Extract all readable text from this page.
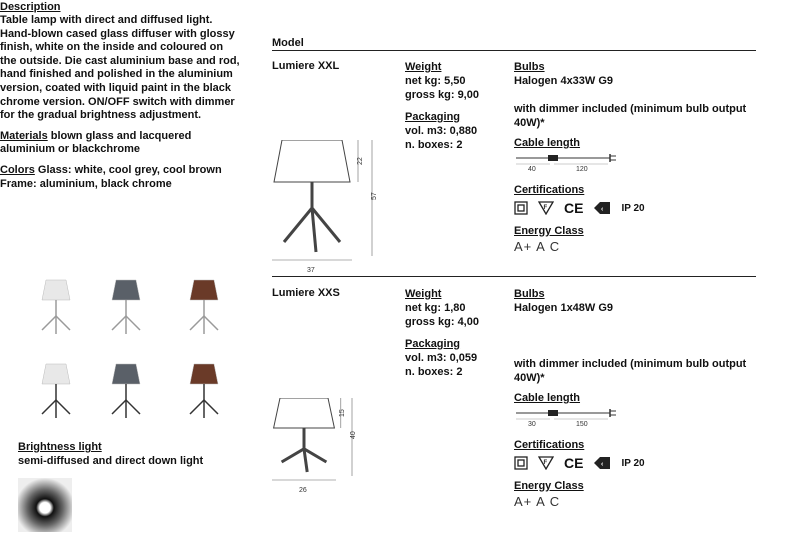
Description

Table lamp with direct and diffused light. Hand-blown cased glass diffuser with glossy finish, white on the inside and coloured on the outside. Die cast aluminium base and rod, hand finished and polished in the aluminium version, coated with liquid paint in the black chrome version. ON/OFF switch with dimmer for the gradual brightness adjustment.

Materials blown glass and lacquered aluminium or blackchrome

Colors Glass: white, cool grey, cool brown

Frame: aluminium, black chrome

Brightness light
semi-diffused and direct down light
Model
Lumiere XXL	Weight
net kg: 5,50
gross kg: 9,00
Packaging
vol. m3: 0,880
n. boxes: 2
Bulbs
Halogen 4x33W G9
with dimmer included (minimum bulb output 40W)*
Cable length
40	120
Certifications
F CE	‹ IP 20
Energy Class
A+ A C
37
22
57
Lumiere XXS	Weight
net kg: 1,80
gross kg: 4,00
Packaging
vol. m3: 0,059
n. boxes: 2
Bulbs
Halogen 1x48W G9
with dimmer included (minimum bulb output 40W)*
Cable length
30	150
Certifications
F CE	‹ IP 20
Energy Class
A+ A C
26
15
40
